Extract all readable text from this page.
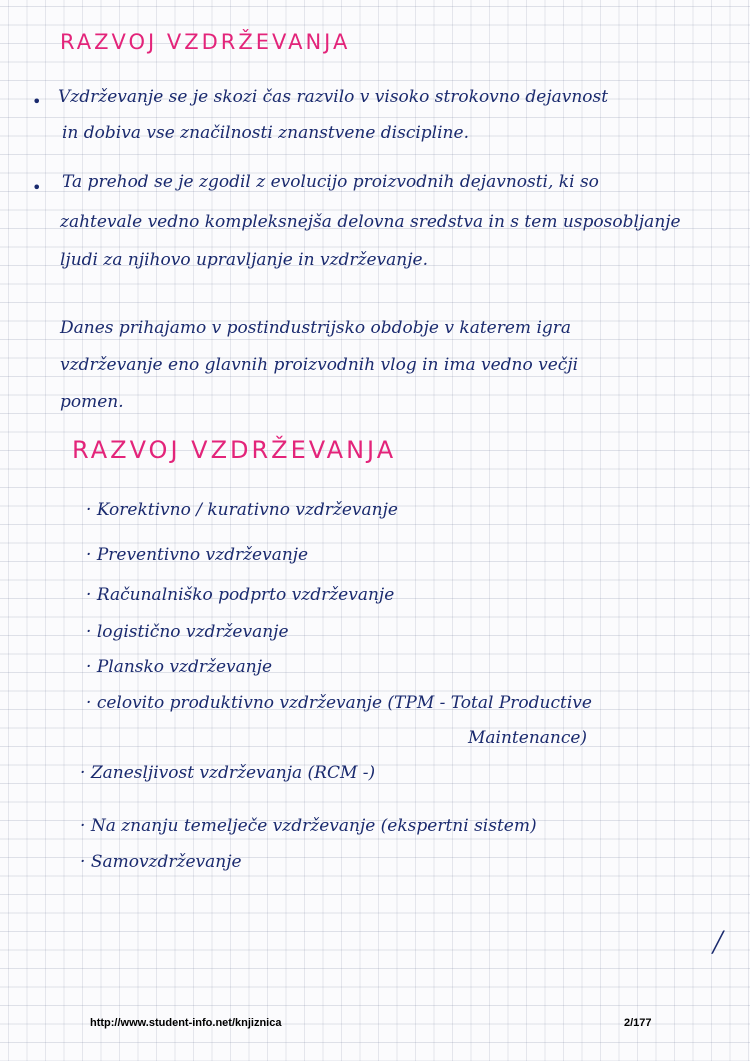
RAZVOJ VZDRŽEVANJA
• Vzdrževanje se je skozi čas razvilo v visoko strokovno dejavnost
in dobiva vse značilnosti znanstvene discipline.
• Ta prehod se je zgodil z evolucijo proizvodnih dejavnosti, ki so
zahtevale vedno kompleksnejša delovna sredstva in s tem usposobljanje
ljudi za njihovo upravljanje in vzdrževanje.
Danes prihajamo v postindustrijsko obdobje v katerem igra
vzdrževanje eno glavnih proizvodnih vlog in ima vedno večji
pomen.
RAZVOJ VZDRŽEVANJA
· Korektivno / kurativno vzdrževanje
· Preventivno vzdrževanje
· Računalniško podprto vzdrževanje
· logistično vzdrževanje
· Plansko vzdrževanje
· celovito produktivno vzdrževanje (TPM - Total Productive
Maintenance)
· Zanesljivost vzdrževanja (RCM -)
· Na znanju temelječe vzdrževanje (ekspertni sistem)
· Samovzdrževanje
╱
http://www.student-info.net/knjiznica	2/177
